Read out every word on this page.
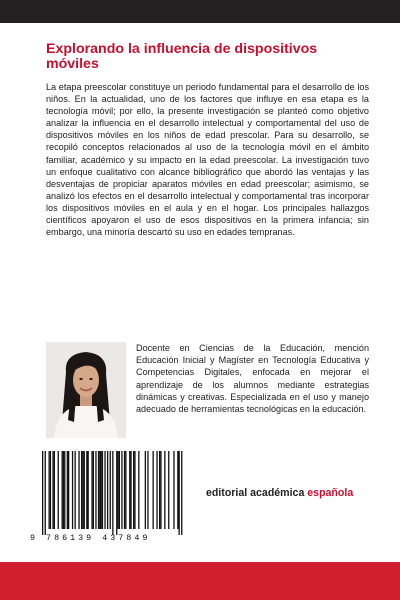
Explorando la influencia de dispositivos móviles

La etapa preescolar constituye un periodo fundamental para el desarrollo de los niños. En la actualidad, uno de los factores que influye en esa etapa es la tecnología móvil; por ello, la presente investigación se planteó como objetivo analizar la influencia en el desarrollo intelectual y comportamental del uso de dispositivos móviles en los niños de edad prescolar. Para su desarrollo, se recopiló conceptos relacionados al uso de la tecnología móvil en el ámbito familiar, académico y su impacto en la edad preescolar. La investigación tuvo un enfoque cualitativo con alcance bibliográfico que abordó las ventajas y las desventajas de propiciar aparatos móviles en edad preescolar; asimismo, se analizó los efectos en el desarrollo intelectual y comportamental tras incorporar los dispositivos móviles en el aula y en el hogar. Los principales hallazgos científicos apoyaron el uso de esos dispositivos en la primera infancia; sin embargo, una minoría descartó su uso en edades tempranas.

Docente en Ciencias de la Educación, mención Educación Inicial y Magíster en Tecnología Educativa y Competencias Digitales, enfocada en mejorar el aprendizaje de los alumnos mediante estrategias dinámicas y creativas. Especializada en el uso y manejo adecuado de herramientas tecnológicas en la educación.

9 786139 437849
editorial académica española
